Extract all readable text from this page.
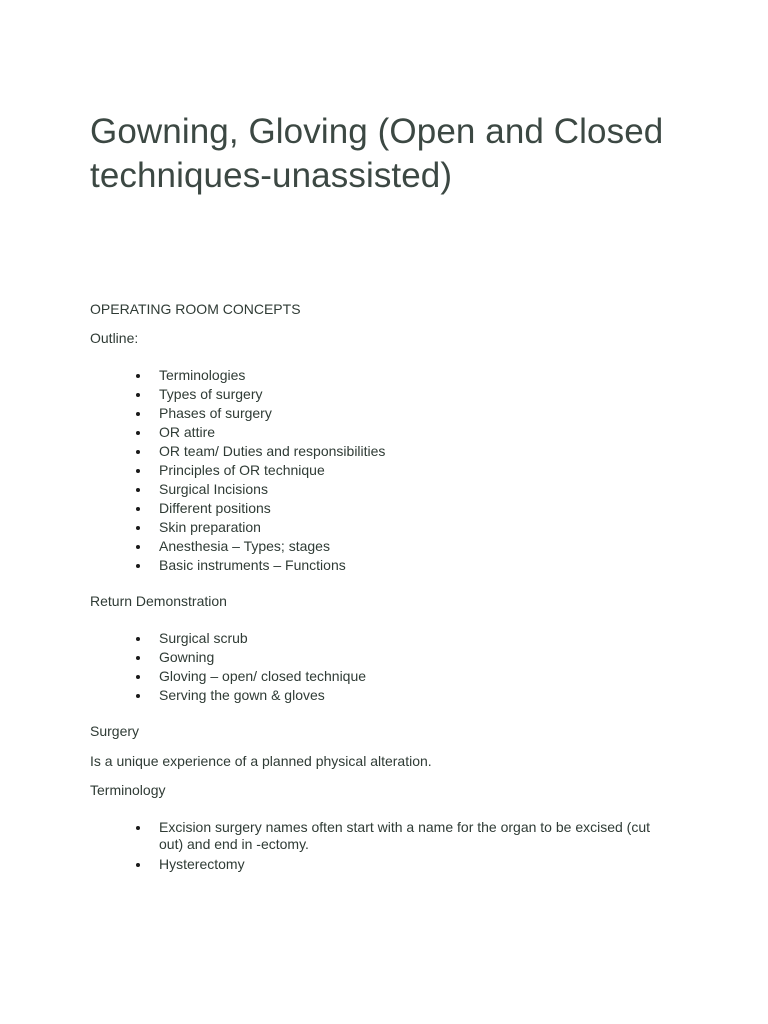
Gowning, Gloving (Open and Closed techniques-unassisted)

OPERATING ROOM CONCEPTS

Outline:

Terminologies
Types of surgery
Phases of surgery
OR attire
OR team/ Duties and responsibilities
Principles of OR technique
Surgical Incisions
Different positions
Skin preparation
Anesthesia – Types; stages
Basic instruments – Functions

Return Demonstration

Surgical scrub
Gowning
Gloving – open/ closed technique
Serving the gown & gloves

Surgery

Is a unique experience of a planned physical alteration.

Terminology

Excision surgery names often start with a name for the organ to be excised (cut out) and end in -ectomy.
Hysterectomy
